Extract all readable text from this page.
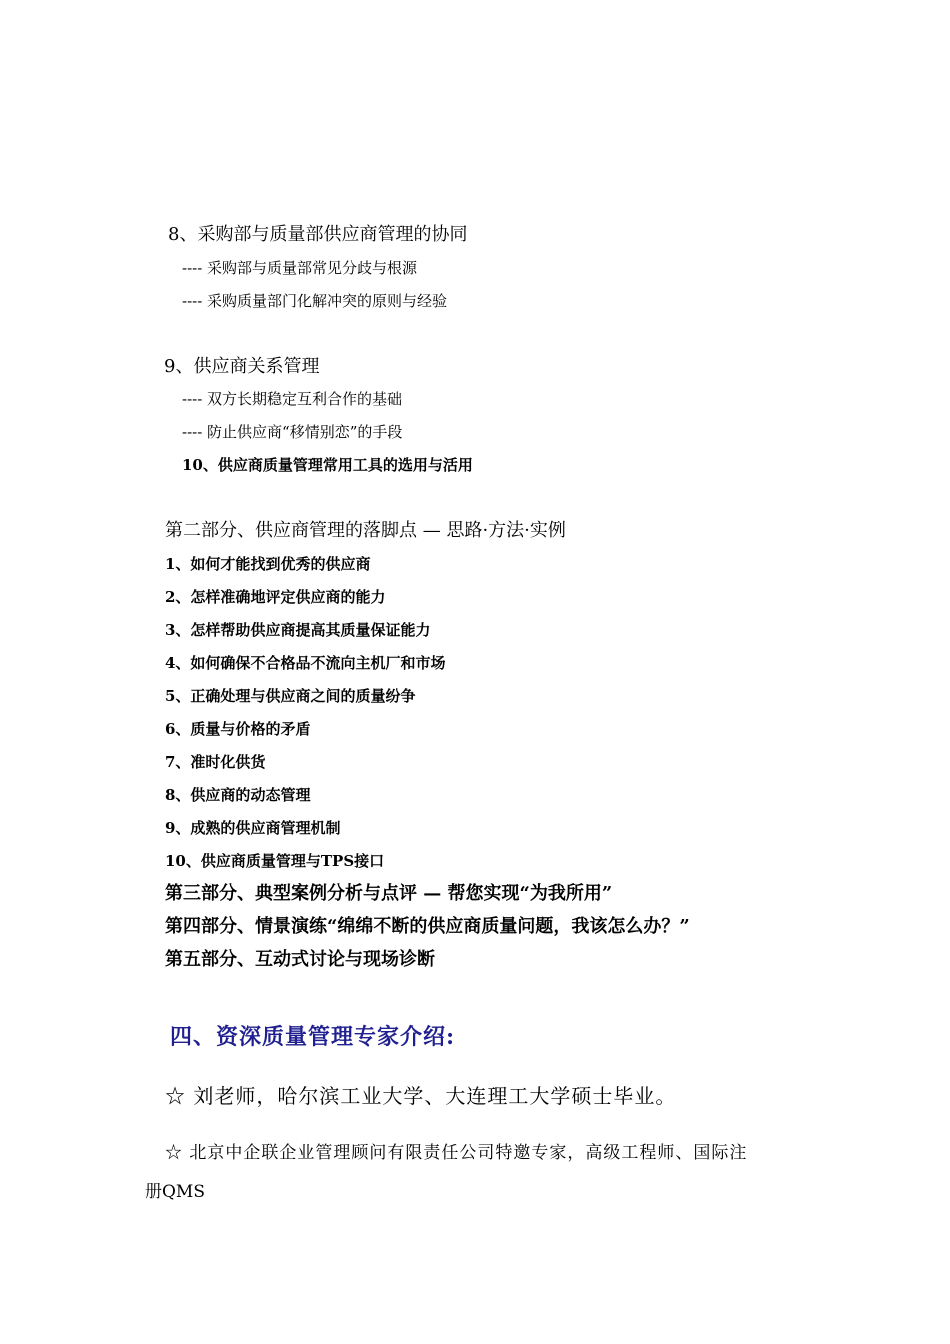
8、采购部与质量部供应商管理的协同
---- 采购部与质量部常见分歧与根源
---- 采购质量部门化解冲突的原则与经验
9、供应商关系管理
---- 双方长期稳定互利合作的基础
---- 防止供应商“移情别恋”的手段
10、供应商质量管理常用工具的选用与活用
第二部分、供应商管理的落脚点 — 思路·方法·实例
1、如何才能找到优秀的供应商
2、怎样准确地评定供应商的能力
3、怎样帮助供应商提高其质量保证能力
4、如何确保不合格品不流向主机厂和市场
5、正确处理与供应商之间的质量纷争
6、质量与价格的矛盾
7、准时化供货
8、供应商的动态管理
9、成熟的供应商管理机制
10、供应商质量管理与TPS接口
第三部分、典型案例分析与点评 — 帮您实现“为我所用”
第四部分、情景演练“绵绵不断的供应商质量问题，我该怎么办？”
第五部分、互动式讨论与现场诊断
四、资深质量管理专家介绍:
☆ 刘老师，哈尔滨工业大学、大连理工大学硕士毕业。
☆ 北京中企联企业管理顾问有限责任公司特邀专家，高级工程师、国际注
册QMS
